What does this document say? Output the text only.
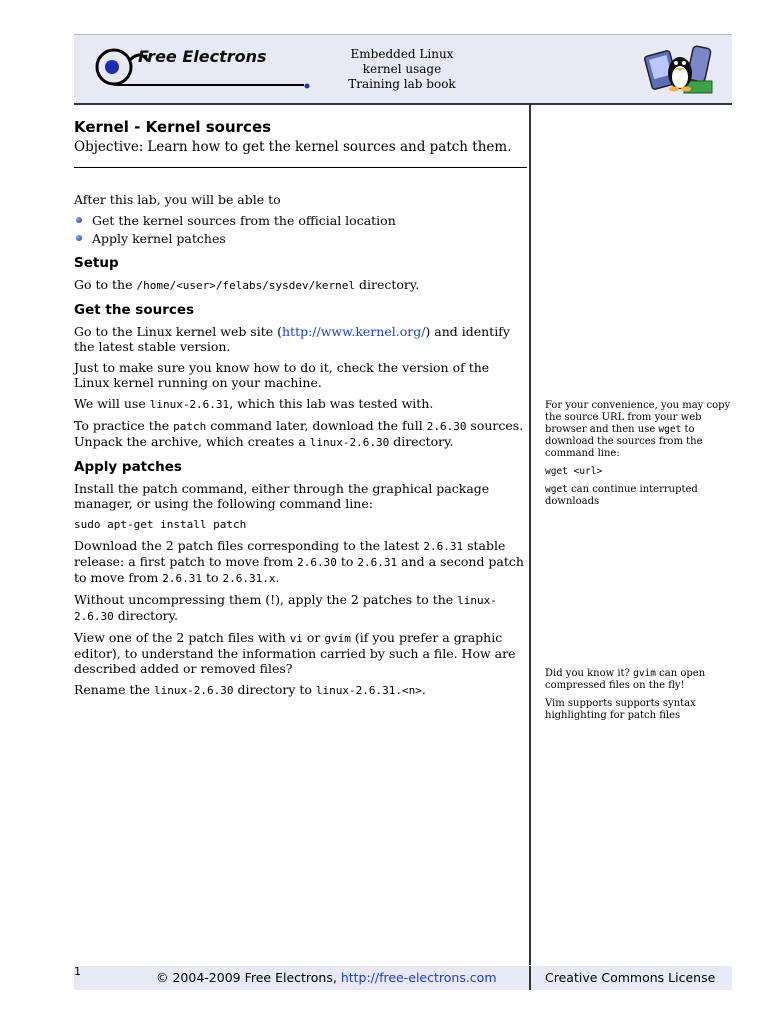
Free Electrons	Embedded Linux
kernel usage
Training lab book
Kernel - Kernel sources
Objective: Learn how to get the kernel sources and patch them.

After this lab, you will be able to

Get the kernel sources from the official location
Apply kernel patches
Setup

Go to the /home/<user>/felabs/sysdev/kernel directory.

Get the sources

Go to the Linux kernel web site (http://www.kernel.org/) and identify the latest stable version.

Just to make sure you know how to do it, check the version of the Linux kernel running on your machine.

We will use linux-2.6.31, which this lab was tested with.

To practice the patch command later, download the full 2.6.30 sources. Unpack the archive, which creates a linux-2.6.30 directory.

Apply patches

Install the patch command, either through the graphical package manager, or using the following command line:

sudo apt-get install patch

Download the 2 patch files corresponding to the latest 2.6.31 stable release: a first patch to move from 2.6.30 to 2.6.31 and a second patch to move from 2.6.31 to 2.6.31.x.

Without uncompressing them (!), apply the 2 patches to the linux-2.6.30 directory.

View one of the 2 patch files with vi or gvim (if you prefer a graphic editor), to understand the information carried by such a file. How are described added or removed files?

Rename the linux-2.6.30 directory to linux-2.6.31.<n>.

For your convenience, you may copy the source URL from your web browser and then use wget to download the sources from the command line:

wget <url>

wget can continue interrupted downloads

Did you know it? gvim can open compressed files on the fly!

Vim supports supports syntax highlighting for patch files

1	© 2004-2009 Free Electrons, http://free-electrons.com	Creative Commons License
